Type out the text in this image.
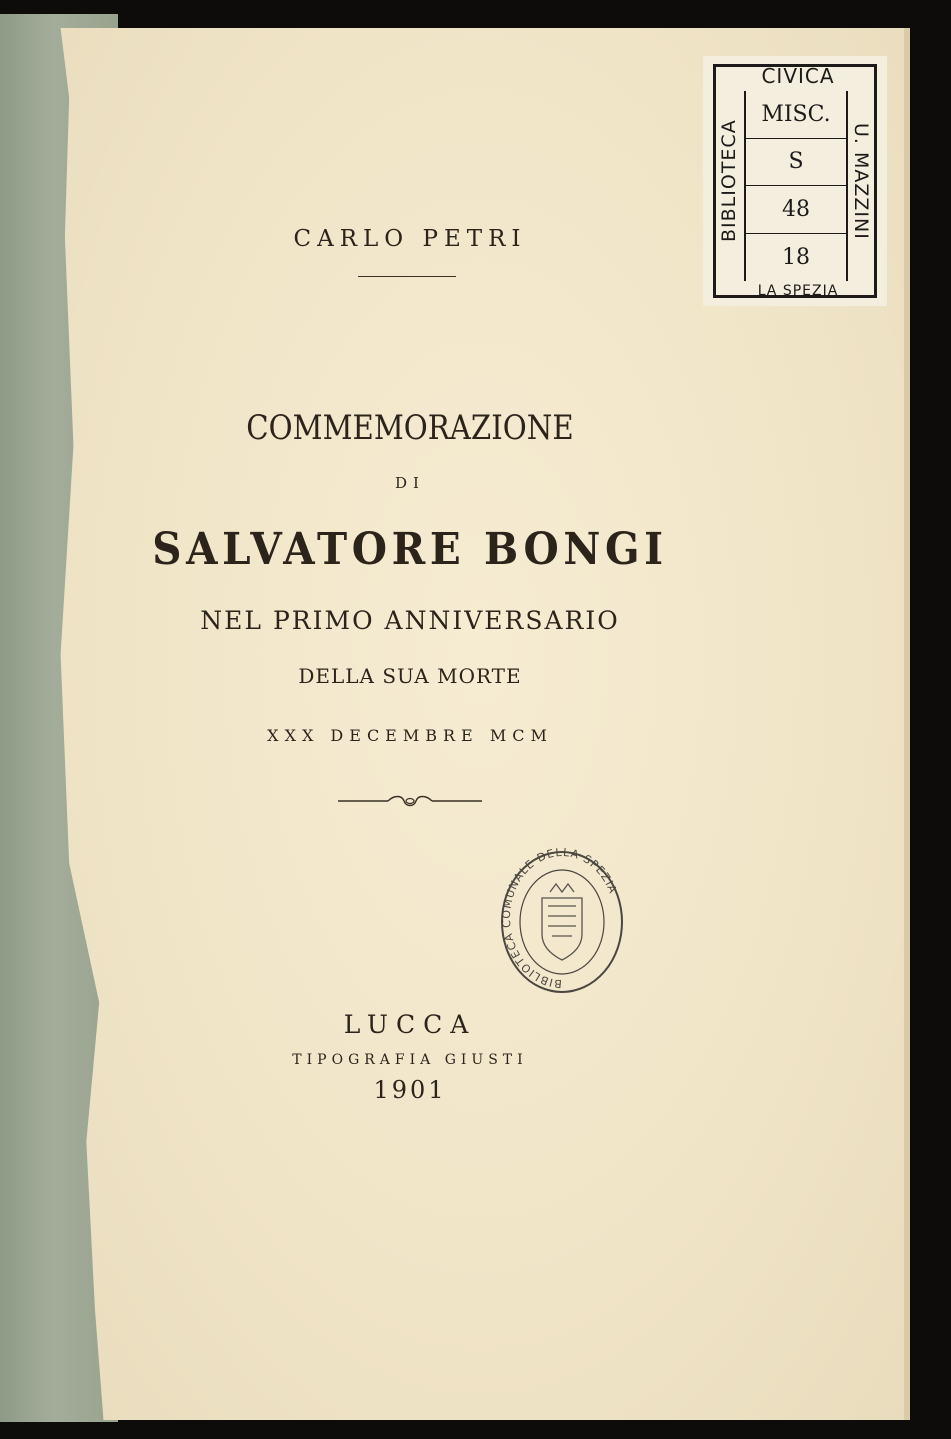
CARLO PETRI
COMMEMORAZIONE
DI
SALVATORE BONGI
NEL PRIMO ANNIVERSARIO
DELLA SUA MORTE
XXX DECEMBRE MCM
LUCCA
TIPOGRAFIA GIUSTI
1901
CIVICA
BIBLIOTECA	U. MAZZINI
MISC.
S
48
18
LA SPEZIA
BIBLIOTECA COMUNALE DELLA SPEZIA
